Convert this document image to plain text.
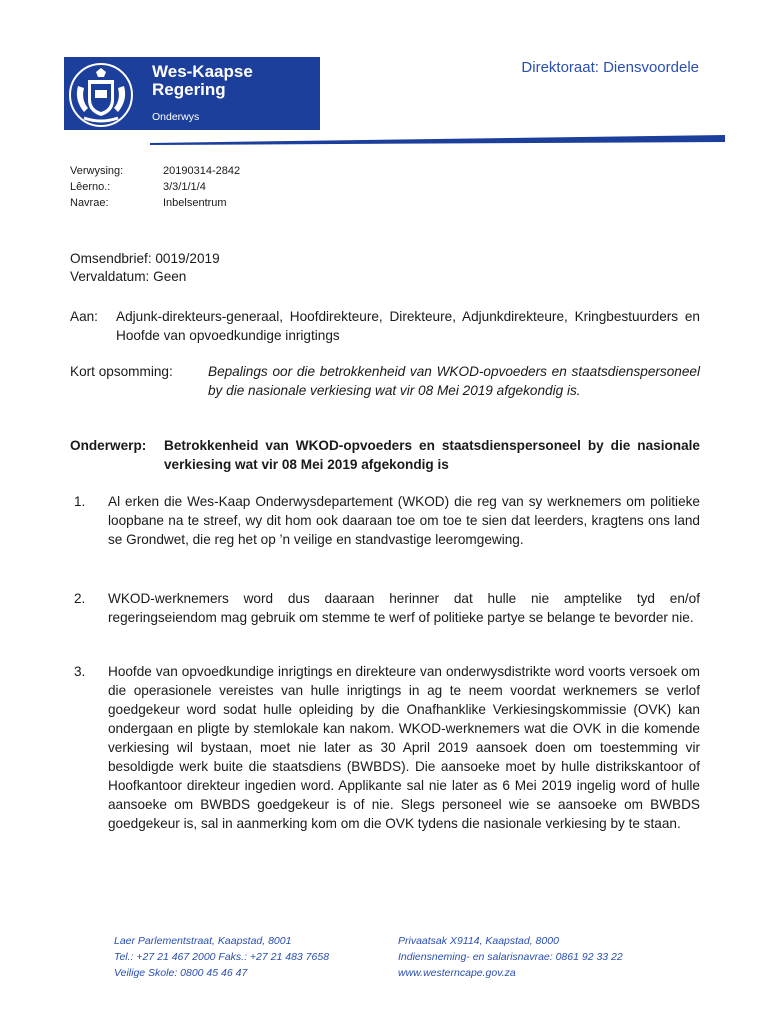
Wes-Kaapse
Regering
Onderwys
Direktoraat: Diensvoordele
Verwysing:	20190314-2842
Lêerno.:	3/3/1/1/4
Navrae:	Inbelsentrum
Omsendbrief: 0019/2019
Vervaldatum: Geen
Aan: Adjunk-direkteurs-generaal, Hoofdirekteure, Direkteure, Adjunkdirekteure, Kringbestuurders en Hoofde van opvoedkundige inrigtings
Kort opsomming:	Bepalings oor die betrokkenheid van WKOD-opvoeders en staatsdienspersoneel by die nasionale verkiesing wat vir 08 Mei 2019 afgekondig is.
Onderwerp: Betrokkenheid van WKOD-opvoeders en staatsdienspersoneel by die nasionale verkiesing wat vir 08 Mei 2019 afgekondig is
1. Al erken die Wes-Kaap Onderwysdepartement (WKOD) die reg van sy werknemers om politieke loopbane na te streef, wy dit hom ook daaraan toe om toe te sien dat leerders, kragtens ons land se Grondwet, die reg het op ’n veilige en standvastige leeromgewing.
2. WKOD-werknemers word dus daaraan herinner dat hulle nie amptelike tyd en/of regeringseiendom mag gebruik om stemme te werf of politieke partye se belange te bevorder nie.
3. Hoofde van opvoedkundige inrigtings en direkteure van onderwysdistrikte word voorts versoek om die operasionele vereistes van hulle inrigtings in ag te neem voordat werknemers se verlof goedgekeur word sodat hulle opleiding by die Onafhanklike Verkiesingskommissie (OVK) kan ondergaan en pligte by stemlokale kan nakom. WKOD-werknemers wat die OVK in die komende verkiesing wil bystaan, moet nie later as 30 April 2019 aansoek doen om toestemming vir besoldigde werk buite die staatsdiens (BWBDS). Die aansoeke moet by hulle distrikskantoor of Hoofkantoor direkteur ingedien word. Applikante sal nie later as 6 Mei 2019 ingelig word of hulle aansoeke om BWBDS goedgekeur is of nie. Slegs personeel wie se aansoeke om BWBDS goedgekeur is, sal in aanmerking kom om die OVK tydens die nasionale verkiesing by te staan.
Laer Parlementstraat, Kaapstad, 8001
Tel.: +27 21 467 2000 Faks.: +27 21 483 7658
Veilige Skole: 0800 45 46 47
Privaatsak X9114, Kaapstad, 8000
Indiensneming- en salarisnavrae: 0861 92 33 22
www.westerncape.gov.za
